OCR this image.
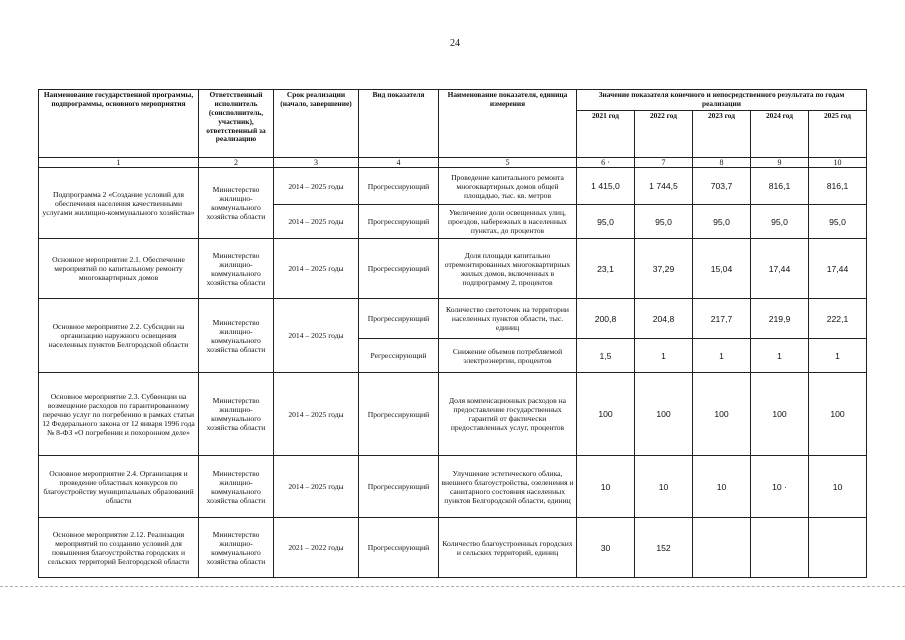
24
Наименование государственной программы, подпрограммы, основного мероприятия	Ответственный исполнитель (соисполнитель, участник), ответственный за реализацию	Срок реализации (начало, завершение)	Вид показателя	Наименование показателя, единица измерения	Значение показателя конечного и непосредственного результата по годам реализации				
					2021 год	2022 год	2023 год	2024 год	2025 год
1	2	3	4	5	6 ·	7	8	9	10
Подпрограмма 2 «Создание условий для обеспечения населения качественными услугами жилищно-коммунального хозяйства»	Министерство жилищно-коммунального хозяйства области	2014 – 2025 годы	Прогрессирующий	Проведение капитального ремонта многоквартирных домов общей площадью, тыс. кв. метров	1 415,0	1 744,5	703,7	816,1	816,1
		2014 – 2025 годы	Прогрессирующий	Увеличение доли освещенных улиц, проездов, набережных в населенных пунктах, до процентов	95,0	95,0	95,0	95,0	95,0
Основное мероприятие 2.1. Обеспечение мероприятий по капитальному ремонту многоквартирных домов	Министерство жилищно-коммунального хозяйства области	2014 – 2025 годы	Прогрессирующий	Доля площади капитально отремонтированных многоквартирных жилых домов, включенных в подпрограмму 2, процентов	23,1	37,29	15,04	17,44	17,44
Основное мероприятие 2.2. Субсидии на организацию наружного освещения населенных пунктов Белгородской области	Министерство жилищно-коммунального хозяйства области	2014 – 2025 годы	Прогрессирующий	Количество светоточек на территории населенных пунктов области, тыс. единиц	200,8	204,8	217,7	219,9	222,1
			Регрессирующий	Снижение объемов потребляемой электроэнергии, процентов	1,5	1	1	1	1
Основное мероприятие 2.3. Субвенции на возмещение расходов по гарантированному перечню услуг по погребению в рамках статьи 12 Федерального закона от 12 января 1996 года № 8-ФЗ «О погребении и похоронном деле»	Министерство жилищно-коммунального хозяйства области	2014 – 2025 годы	Прогрессирующий	Доля компенсационных расходов на предоставление государственных гарантий от фактически предоставленных услуг, процентов	100	100	100	100	100
Основное мероприятие 2.4. Организация и проведение областных конкурсов по благоустройству муниципальных образований области	Министерство жилищно-коммунального хозяйства области	2014 – 2025 годы	Прогрессирующий	Улучшение эстетического облика, внешнего благоустройства, озеленения и санитарного состояния населенных пунктов Белгородской области, единиц	10	10	10	10 ·	10
Основное мероприятие 2.12. Реализация мероприятий по созданию условий для повышения благоустройства городских и сельских территорий Белгородской области	Министерство жилищно-коммунального хозяйства области	2021 – 2022 годы	Прогрессирующий	Количество благоустроенных городских и сельских территорий, единиц	30	152			
